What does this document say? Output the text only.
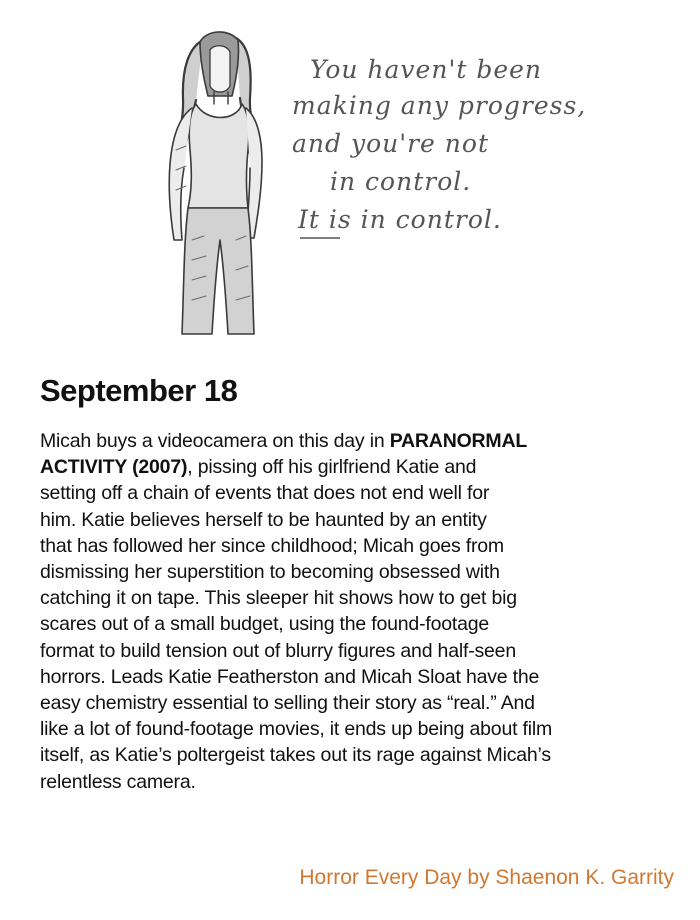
You haven't been
making any progress,
and you're not
in control.
It is in control.
September 18
Micah buys a videocamera on this day in PARANORMAL
ACTIVITY (2007), pissing off his girlfriend Katie and
setting off a chain of events that does not end well for
him. Katie believes herself to be haunted by an entity
that has followed her since childhood; Micah goes from
dismissing her superstition to becoming obsessed with
catching it on tape. This sleeper hit shows how to get big
scares out of a small budget, using the found-footage
format to build tension out of blurry figures and half-seen
horrors. Leads Katie Featherston and Micah Sloat have the
easy chemistry essential to selling their story as “real.” And
like a lot of found-footage movies, it ends up being about film
itself, as Katie’s poltergeist takes out its rage against Micah’s
relentless camera.
Horror Every Day by Shaenon K. Garrity
